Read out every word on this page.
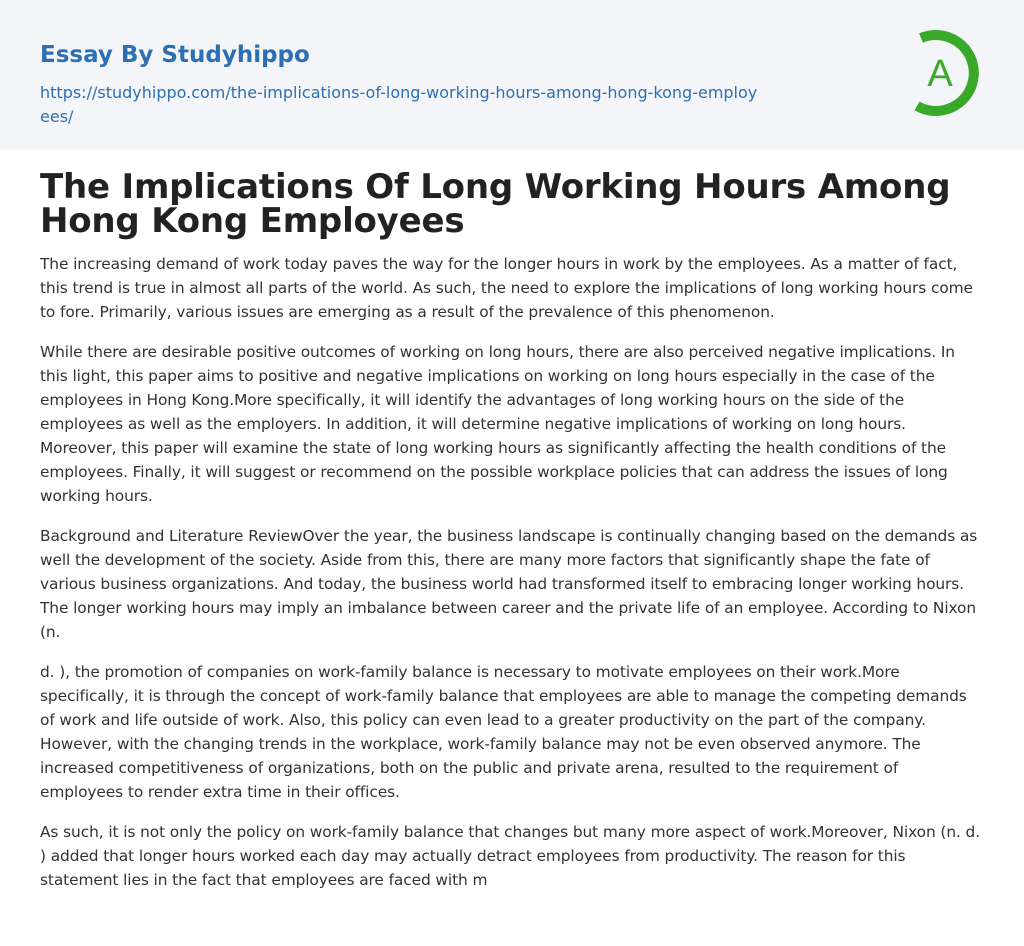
Essay By Studyhippo
https://studyhippo.com/the-implications-of-long-working-hours-among-hong-kong-employees/
A
The Implications Of Long Working Hours Among Hong Kong Employees

The increasing demand of work today paves the way for the longer hours in work by the employees. As a matter of fact, this trend is true in almost all parts of the world. As such, the need to explore the implications of long working hours come to fore. Primarily, various issues are emerging as a result of the prevalence of this phenomenon.

While there are desirable positive outcomes of working on long hours, there are also perceived negative implications. In this light, this paper aims to positive and negative implications on working on long hours especially in the case of the employees in Hong Kong.More specifically, it will identify the advantages of long working hours on the side of the employees as well as the employers. In addition, it will determine negative implications of working on long hours. Moreover, this paper will examine the state of long working hours as significantly affecting the health conditions of the employees. Finally, it will suggest or recommend on the possible workplace policies that can address the issues of long working hours.

Background and Literature ReviewOver the year, the business landscape is continually changing based on the demands as well the development of the society. Aside from this, there are many more factors that significantly shape the fate of various business organizations. And today, the business world had transformed itself to embracing longer working hours. The longer working hours may imply an imbalance between career and the private life of an employee. According to Nixon (n.

d. ), the promotion of companies on work-family balance is necessary to motivate employees on their work.More specifically, it is through the concept of work-family balance that employees are able to manage the competing demands of work and life outside of work. Also, this policy can even lead to a greater productivity on the part of the company. However, with the changing trends in the workplace, work-family balance may not be even observed anymore. The increased competitiveness of organizations, both on the public and private arena, resulted to the requirement of employees to render extra time in their offices.

As such, it is not only the policy on work-family balance that changes but many more aspect of work.Moreover, Nixon (n. d. ) added that longer hours worked each day may actually detract employees from productivity. The reason for this statement lies in the fact that employees are faced with m
